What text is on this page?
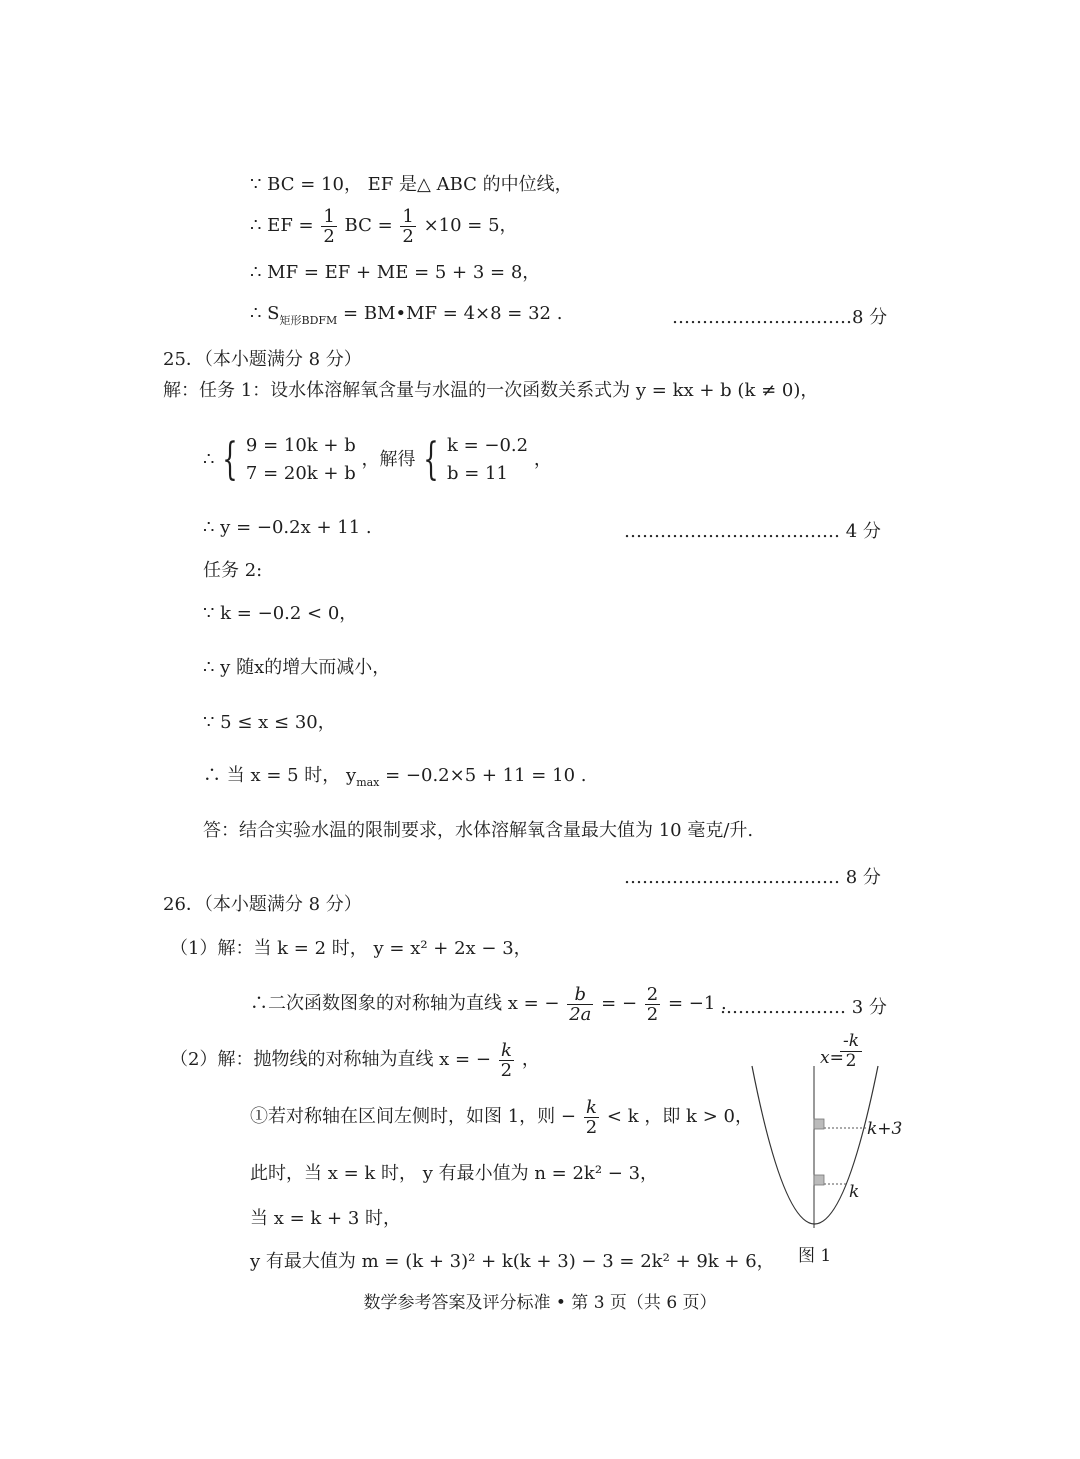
∵ BC = 10， EF 是△ ABC 的中位线，
∴ EF = $\frac{1}{2}$ BC = $\frac{1}{2} \times 10 = 5$，
∴ MF = EF + ME = 5 + 3 = 8，
∴ $S_{矩形BDFM}$ = BM•MF = 4×8 = 32 .	…………………………8 分
25．（本小题满分 8 分）
解：任务 1：设水体溶解氧含量与水温的一次函数关系式为 y = kx + b (k ≠ 0)，
∴ { 9 = 10k + b
7 = 20k + b
，解得 { k = −0.2
b = 11
，
∴ y = −0.2x + 11 .	……………………………… 4 分
任务 2:
∵ k = −0.2 < 0，
∴ y 随x的增大而减小，
∵ 5 ≤ x ≤ 30，
∴ 当 x = 5 时， $y_{max} = -0.2\times 5 + 11 = 10$ .
答：结合实验水温的限制要求，水体溶解氧含量最大值为 10 毫克/升.
……………………………… 8 分
26．（本小题满分 8 分）
（1）解：当 k = 2 时， y = x² + 2x − 3，
∴二次函数图象的对称轴为直线 x = − $\frac{b}{2a}$ = − $\frac{2}{2} = -1$ .
………………… 3 分
（2）解：抛物线的对称轴为直线 x = − $\frac{k}{2}$ ，
①若对称轴在区间左侧时，如图 1，则 − $\frac{k}{2} < k$ ，即 k > 0，
此时，当 x = k 时， y 有最小值为 n = 2k² − 3，
当 x = k + 3 时，
y 有最大值为 m = (k + 3)² + k(k + 3) − 3 = 2k² + 9k + 6，
x=
-k
2
k+3
k
图 1
数学参考答案及评分标准 • 第 3 页（共 6 页）
